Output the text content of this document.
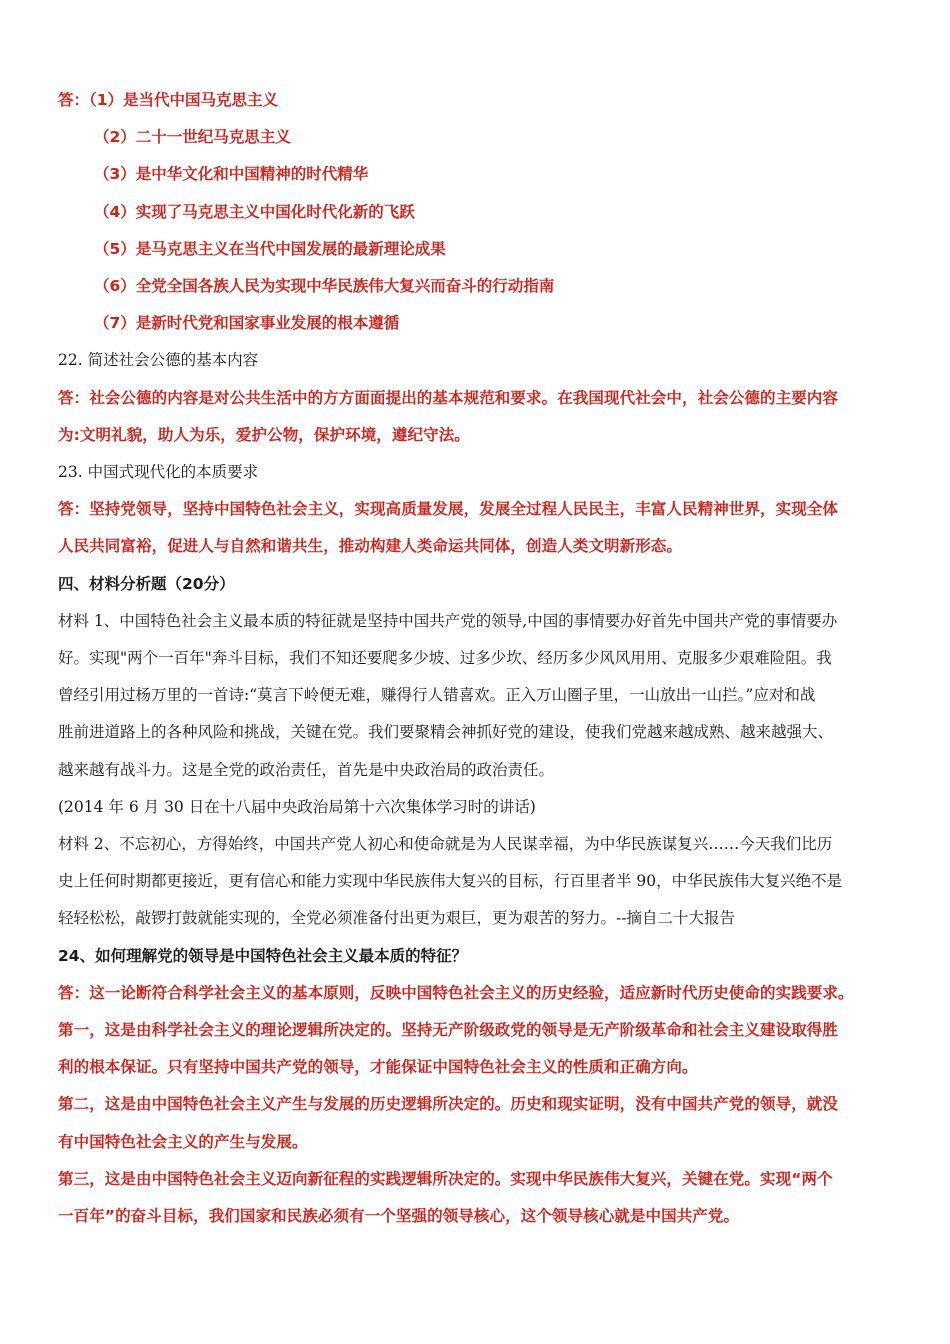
答：（1）是当代中国马克思主义
（2）二十一世纪马克思主义
（3）是中华文化和中国精神的时代精华
（4）实现了马克思主义中国化时代化新的飞跃
（5）是马克思主义在当代中国发展的最新理论成果
（6）全党全国各族人民为实现中华民族伟大复兴而奋斗的行动指南
（7）是新时代党和国家事业发展的根本遵循
22. 简述社会公德的基本内容
答：社会公德的内容是对公共生活中的方方面面提出的基本规范和要求。在我国现代社会中，社会公德的主要内容
为:文明礼貌，助人为乐，爱护公物，保护环境，遵纪守法。
23. 中国式现代化的本质要求
答：坚持党领导，坚持中国特色社会主义，实现高质量发展，发展全过程人民民主，丰富人民精神世界，实现全体
人民共同富裕，促进人与自然和谐共生，推动构建人类命运共同体，创造人类文明新形态。
四、材料分析题（20分）
材料 1、中国特色社会主义最本质的特征就是坚持中国共产党的领导,中国的事情要办好首先中国共产党的事情要办
好。实现"两个一百年"奔斗目标，我们不知还要爬多少坡、过多少坎、经历多少风风用用、克服多少艰难险阻。我
曾经引用过杨万里的一首诗:“莫言下岭便无难，赚得行人错喜欢。正入万山圈子里，一山放出一山拦。”应对和战
胜前进道路上的各种风险和挑战，关键在党。我们要聚精会神抓好党的建设，使我们党越来越成熟、越来越强大、
越来越有战斗力。这是全党的政治责任，首先是中央政治局的政治责任。
(2014 年 6 月 30 日在十八届中央政治局第十六次集体学习时的讲话)
材料 2、不忘初心，方得始终，中国共产党人初心和使命就是为人民谋幸福，为中华民族谋复兴……今天我们比历
史上任何时期都更接近，更有信心和能力实现中华民族伟大复兴的目标，行百里者半 90，中华民族伟大复兴绝不是
轻轻松松，敲锣打鼓就能实现的，全党必须准备付出更为艰巨，更为艰苦的努力。--摘自二十大报告
24、如何理解党的领导是中国特色社会主义最本质的特征？
答：这一论断符合科学社会主义的基本原则，反映中国特色社会主义的历史经验，适应新时代历史使命的实践要求。
第一，这是由科学社会主义的理论逻辑所决定的。坚持无产阶级政党的领导是无产阶级革命和社会主义建设取得胜
利的根本保证。只有坚持中国共产党的领导，才能保证中国特色社会主义的性质和正确方向。
第二，这是由中国特色社会主义产生与发展的历史逻辑所决定的。历史和现实证明，没有中国共产党的领导，就没
有中国特色社会主义的产生与发展。
第三，这是由中国特色社会主义迈向新征程的实践逻辑所决定的。实现中华民族伟大复兴，关键在党。实现“两个
一百年”的奋斗目标，我们国家和民族必须有一个坚强的领导核心，这个领导核心就是中国共产党。
